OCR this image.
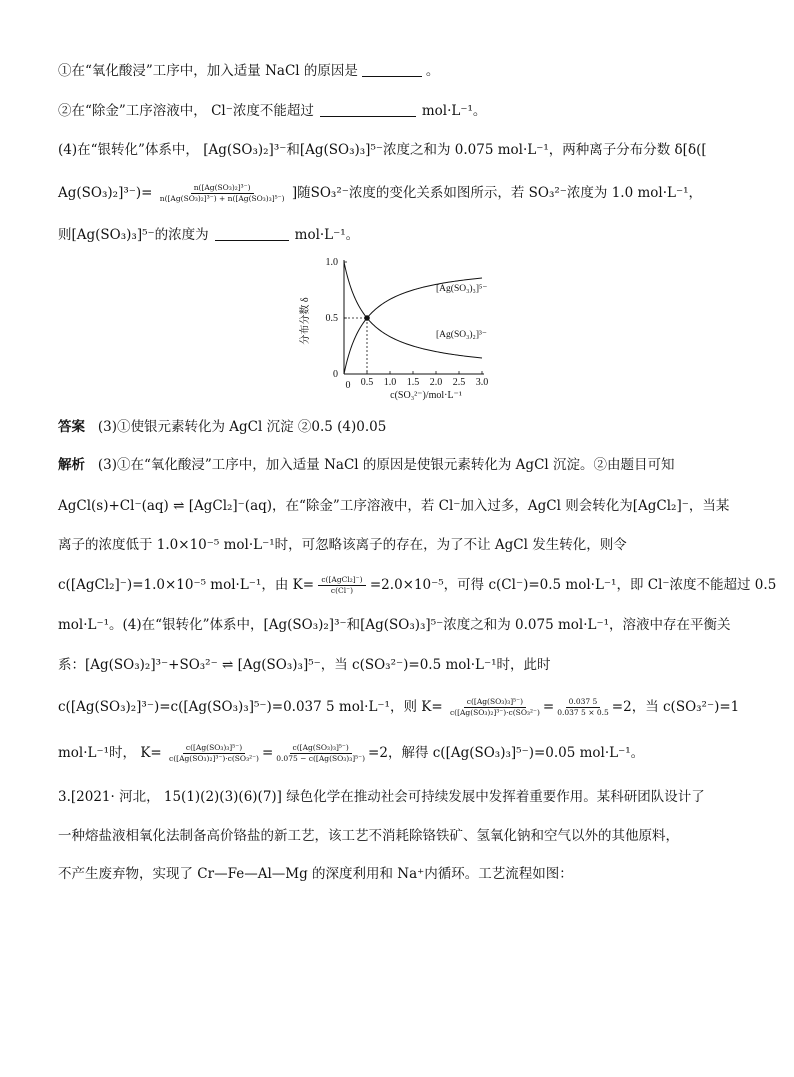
①在“氧化酸浸”工序中，加入适量 NaCl 的原因是	。
②在“除金”工序溶液中， Cl⁻浓度不能超过	mol·L⁻¹。
(4)在“银转化”体系中， [Ag(SO₃)₂]³⁻和[Ag(SO₃)₃]⁵⁻浓度之和为 0.075 mol·L⁻¹，两种离子分布分数 δ[δ([
$Ag(SO_3)_2]^{3-})= \frac{\text{n([Ag(SO₃)₂]³⁻)}}{\text{n([Ag(SO₃)₂]³⁻) + n([Ag(SO₃)₃]⁵⁻)}}$ ]随SO₃²⁻浓度的变化关系如图所示，若 SO₃²⁻浓度为 1.0 mol·L⁻¹，
则[Ag(SO₃)₃]⁵⁻的浓度为	mol·L⁻¹。
分布分数 δ
c(SO₃²⁻)/mol·L⁻¹
0 0.5 1.0 1.5 2.0 2.5 3.0
0
0.5
1.0
[Ag(SO₃)₃]⁵⁻
[Ag(SO₃)₂]³⁻
答案 (3)①使银元素转化为 AgCl 沉淀 ②0.5 (4)0.05
解析 (3)①在“氧化酸浸”工序中，加入适量 NaCl 的原因是使银元素转化为 AgCl 沉淀。②由题目可知
AgCl(s)+Cl⁻(aq) ⇌ [AgCl₂]⁻(aq)，在“除金”工序溶液中，若 Cl⁻加入过多，AgCl 则会转化为[AgCl₂]⁻，当某
离子的浓度低于 1.0×10⁻⁵ mol·L⁻¹时，可忽略该离子的存在，为了不让 AgCl 发生转化，则令
c([AgCl₂]⁻)=1.0×10⁻⁵ mol·L⁻¹，由 K= c([AgCl₂]⁻)
c(Cl⁻) =2.0×10⁻⁵，可得 c(Cl⁻)=0.5 mol·L⁻¹，即 Cl⁻浓度不能超过 0.5
mol·L⁻¹。(4)在“银转化”体系中，[Ag(SO₃)₂]³⁻和[Ag(SO₃)₃]⁵⁻浓度之和为 0.075 mol·L⁻¹，溶液中存在平衡关
系：[Ag(SO₃)₂]³⁻+SO₃²⁻ ⇌ [Ag(SO₃)₃]⁵⁻，当 c(SO₃²⁻)=0.5 mol·L⁻¹时，此时
c([Ag(SO₃)₂]³⁻)=c([Ag(SO₃)₃]⁵⁻)=0.037 5 mol·L⁻¹，则 $K= \frac{\text{c([Ag(SO₃)₃]⁵⁻)}}{\text{c([Ag(SO₃)₂]³⁻)·c(SO₃²⁻)}} = \frac{0.037 5}{0.037 5 \times 0.5} =2$，当 c(SO₃²⁻)=1
mol·L⁻¹时， $K= \frac{\text{c([Ag(SO₃)₃]⁵⁻)}}{\text{c([Ag(SO₃)₂]³⁻)·c(SO₃²⁻)}} = \frac{\text{c([Ag(SO₃)₃]⁵⁻)}}{\text{0.075 − c([Ag(SO₃)₃]⁵⁻)}} =2$，解得 c([Ag(SO₃)₃]⁵⁻)=0.05 mol·L⁻¹。
3.[2021· 河北， 15(1)(2)(3)(6)(7)] 绿色化学在推动社会可持续发展中发挥着重要作用。某科研团队设计了
一种熔盐液相氧化法制备高价铬盐的新工艺，该工艺不消耗除铬铁矿、氢氧化钠和空气以外的其他原料，
不产生废弃物，实现了 Cr—Fe—Al—Mg 的深度利用和 Na⁺内循环。工艺流程如图：
